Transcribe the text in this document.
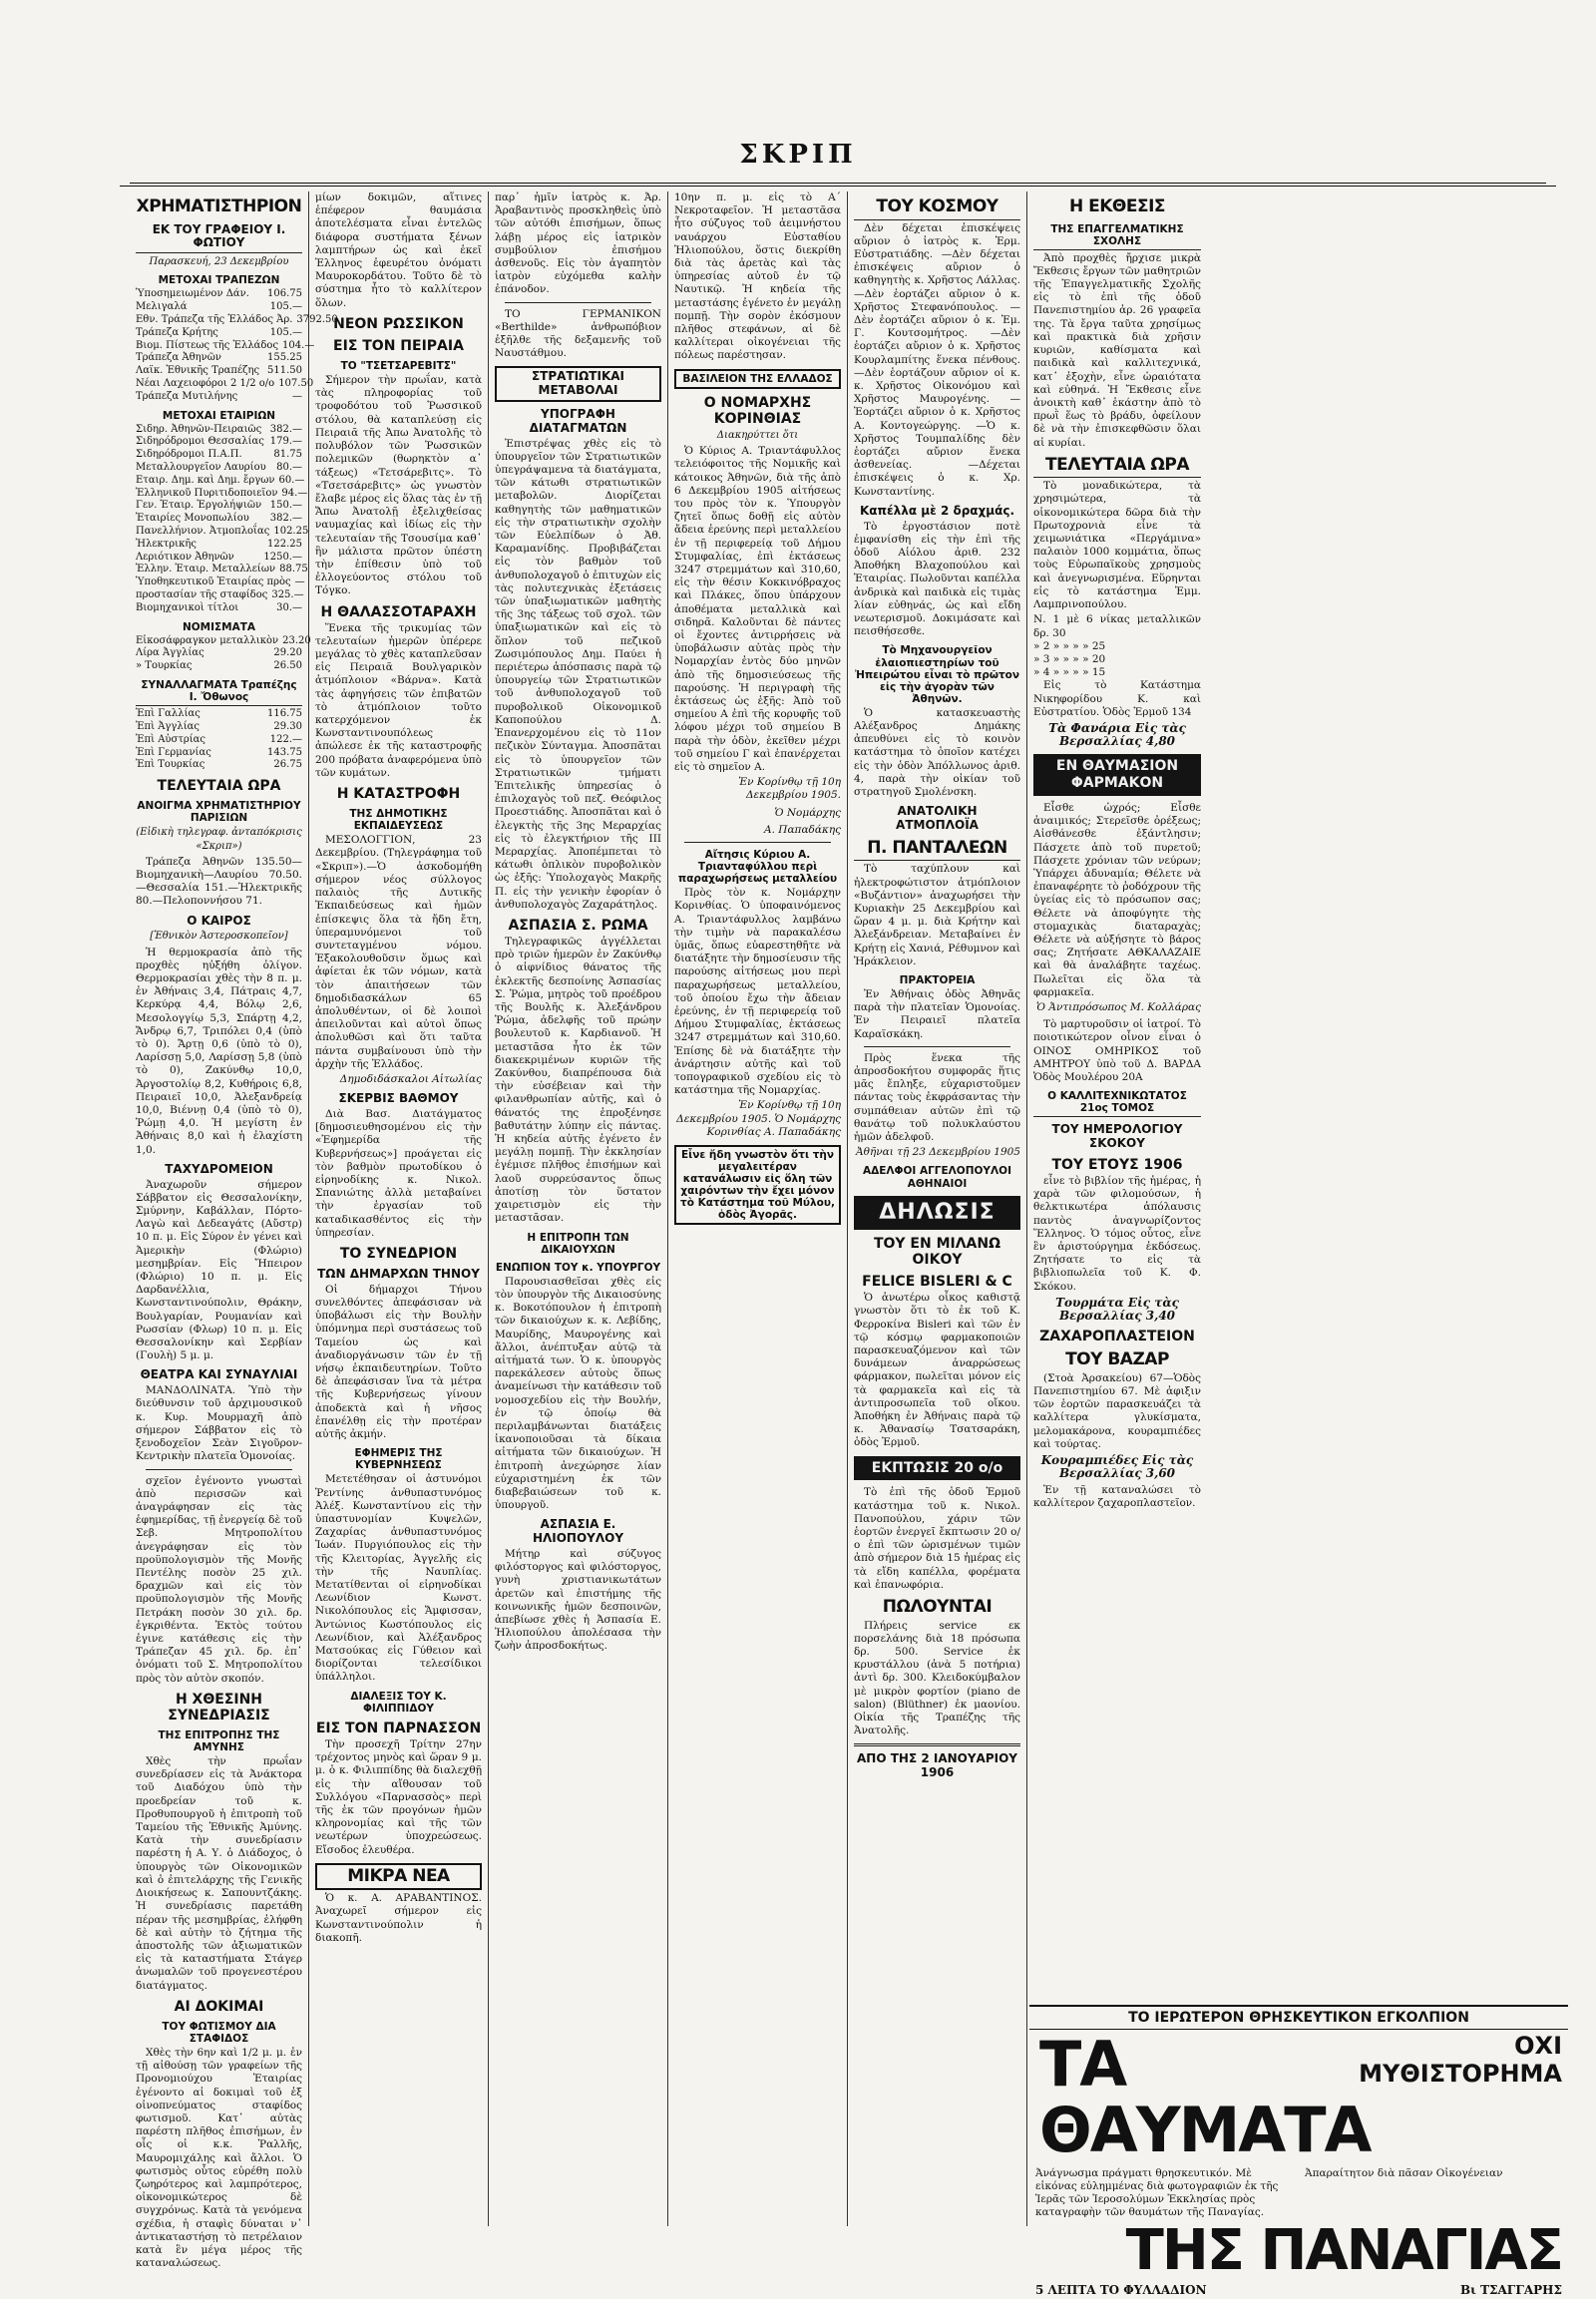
ΣΚΡΙΠ
ΧΡΗΜΑΤΙΣΤΗΡΙΟΝ
ΕΚ ΤΟΥ ΓΡΑΦΕΙΟΥ Ι. ΦΩΤΙΟΥ
Παρασκευή, 23 Δεκεμβρίου
ΜΕΤΟΧΑΙ ΤΡΑΠΕΖΩΝ
Ὑποσημειωμένον Δάν.	106.75
Μελιγαλά	105.—
Εθν. Τράπεζα τῆς Ἑλλάδος Ἀρ. 3792.50
Τράπεζα Κρήτης	105.—
Βιομ. Πίστεως τῆς Ἑλλάδος 104.—
Τράπεζα Ἀθηνῶν	155.25
Λαϊκ. Ἐθνικῆς Τραπέζης 511.50
Νέαι Λαχειοφόροι 2 1/2 ο/ο 107.50
Τράπεζα Μυτιλήνης	—
ΜΕΤΟΧΑΙ ΕΤΑΙΡΙΩΝ
Σιδηρ. Ἀθηνῶν-Πειραιῶς 382.—
Σιδηρόδρομοι Θεσσαλίας 179.—
Σιδηρόδρομοι Π.Α.Π.	81.75
Μεταλλουργεῖον Λαυρίου	80.—
Εταιρ. Δημ. καὶ Δημ. ἔργων 60.—
Ἑλληνικοῦ Πυριτιδοποιεῖον 94.—
Γεν. Ἑταιρ. Ἐργολήψιῶν 150.—
Ἑταιρίες Μονοπωλίου	382.—
Πανελλήνιον. Ἀτμοπλοΐας 102.25
Ἠλεκτρικῆς	122.25
Λεριότικον Ἀθηνῶν	1250.—
Ἑλλην. Ἑταιρ. Μεταλλείων 88.75
Ὑποθηκευτικοῦ Ἑταιρίας πρὸς —
προστασίαν τῆς σταφίδος 325.—
Βιομηχανικοὶ τίτλοι	30.—
ΝΟΜΙΣΜΑΤΑ
Εἰκοσάφραγκον μεταλλικὸν 23.20
Λίρα Ἀγγλίας	29.20
» Τουρκίας	26.50
ΣΥΝΑΛΛΑΓΜΑΤΑ Τραπέζης Ι. Ὄθωνος
Ἐπὶ Γαλλίας	116.75
Ἐπὶ Ἀγγλίας	29.30
Ἐπὶ Αὐστρίας	122.—
Ἐπὶ Γερμανίας	143.75
Ἐπὶ Τουρκίας	26.75
ΤΕΛΕΥΤΑΙΑ ΩΡΑ
ΑΝΟΙΓΜΑ ΧΡΗΜΑΤΙΣΤΗΡΙΟΥ ΠΑΡΙΣΙΩΝ
(Εἰδικὴ τηλεγραφ. ἀνταπόκρισις «Σκριπ»)

Τράπεζα Ἀθηνῶν 135.50—Βιομηχανικὴ—Λαυρίου 70.50.—Θεσσαλία 151.—Ἠλεκτρικῆς 80.—Πελοποννήσου 71.

Ο ΚΑΙΡΟΣ
[Ἐθνικὸν Ἀστεροσκοπεῖον]

Ἡ θερμοκρασία ἀπὸ τῆς προχθὲς ηὐξήθη ὀλίγον. Θερμοκρασίαι χθὲς τὴν 8 π. μ. ἐν Ἀθήναις 3,4, Πάτραις 4,7, Κερκύρᾳ 4,4, Βόλῳ 2,6, Μεσολογγίῳ 5,3, Σπάρτῃ 4,2, Ἄνδρῳ 6,7, Τριπόλει 0,4 (ὑπὸ τὸ 0). Ἄρτῃ 0,6 (ὑπὸ τὸ 0), Λαρίσσῃ 5,0, Λαρίσσῃ 5,8 (ὑπὸ τὸ 0), Ζακύνθῳ 10,0, Ἀργοστολίῳ 8,2, Κυθήροις 6,8, Πειραιεῖ 10,0, Ἀλεξανδρείᾳ 10,0, Βιέννῃ 0,4 (ὑπὸ τὸ 0), Ῥώμῃ 4,0. Ἡ μεγίστη ἐν Ἀθήναις 8,0 καὶ ἡ ἐλαχίστη 1,0.

ΤΑΧΥΔΡΟΜΕΙΟΝ

Ἀναχωροῦν σήμερον Σάββατον εἰς Θεσσαλονίκην, Σμύρνην, Καβάλλαν, Πόρτο-Λαγὼ καὶ Δεδεαγάτς (Αὔστρ) 10 π. μ. Εἰς Σύρον ἐν γένει καὶ Ἀμερικὴν (Φλώριο) μεσημβρίαν. Εἰς Ἤπειρον (Φλώριο) 10 π. μ. Εἰς Δαρδανέλλια, Κωνσταντινούπολιν, Θράκην, Βουλγαρίαν, Ρουμανίαν καὶ Ρωσσίαν (Φλωρ) 10 π. μ. Εἰς Θεσσαλονίκην καὶ Σερβίαν (Γουλὴ) 5 μ. μ.

ΘΕΑΤΡΑ ΚΑΙ ΣΥΝΑΥΛΙΑΙ

ΜΑΝΔΟΛΙΝΑΤΑ. Ὑπὸ τὴν διεύθυνσιν τοῦ ἀρχιμουσικοῦ κ. Κυρ. Μουρμαχῆ ἀπὸ σήμερον Σάββατον εἰς τὸ ξενοδοχεῖον Σεὰν Σιγοῦρον-Κεντρικὴν πλατεῖα Ὁμονοίας.

σχεῖον ἐγένοντο γνωσταὶ ἀπὸ περισσῶν καὶ ἀναγράφησαν εἰς τὰς ἐφημερίδας, τῇ ἐνεργείᾳ δὲ τοῦ Σεβ. Μητροπολίτου ἀνεγράφησαν εἰς τὸν προϋπολογισμὸν τῆς Μονῆς Πεντέλης ποσὸν 25 χιλ. δραχμῶν καὶ εἰς τὸν προϋπολογισμὸν τῆς Μονῆς Πετράκη ποσὸν 30 χιλ. δρ. ἐγκριθέντα. Ἐκτὸς τούτου ἐγινε κατάθεσις εἰς τὴν Τράπεζαν 45 χιλ. δρ. ἐπ᾿ ὀνόματι τοῦ Σ. Μητροπολίτου πρὸς τὸν αὐτὸν σκοπόν.

Η ΧΘΕΣΙΝΗ ΣΥΝΕΔΡΙΑΣΙΣ
ΤΗΣ ΕΠΙΤΡΟΠΗΣ ΤΗΣ ΑΜΥΝΗΣ

Χθὲς τὴν πρωΐαν συνεδρίασεν εἰς τὰ Ἀνάκτορα τοῦ Διαδόχου ὑπὸ τὴν προεδρείαν τοῦ κ. Προθυπουργοῦ ἡ ἐπιτροπὴ τοῦ Ταμείου τῆς Ἐθνικῆς Ἀμύνης. Κατὰ τὴν συνεδρίασιν παρέστη ἡ Α. Υ. ὁ Διάδοχος, ὁ ὑπουργὸς τῶν Οἰκονομικῶν καὶ ὁ ἐπιτελάρχης τῆς Γενικῆς Διοικήσεως κ. Σαπουντζάκης. Ἡ συνεδρίασις παρετάθη πέραν τῆς μεσημβρίας, ἐλήφθη δὲ καὶ αὐτὴν τὸ ζήτημα τῆς ἀποστολῆς τῶν ἀξιωματικῶν εἰς τὰ καταστήματα Στάγερ ἀνωμαλῶν τοῦ προγενεστέρου διατάγματος.

ΑΙ ΔΟΚΙΜΑΙ
ΤΟΥ ΦΩΤΙΣΜΟΥ ΔΙΑ ΣΤΑΦΙΔΟΣ

Χθὲς τὴν 6ην καὶ 1/2 μ. μ. ἐν τῇ αἰθούσῃ τῶν γραφείων τῆς Προνομιούχου Ἑταιρίας ἐγένοντο αἱ δοκιμαὶ τοῦ ἐξ οἰνοπνεύματος σταφίδος φωτισμοῦ. Κατ᾿ αὐτὰς παρέστη πλῆθος ἐπισήμων, ἐν οἷς οἱ κ.κ. Ῥαλλῆς, Μαυρομιχάλης καὶ ἄλλοι. Ὁ φωτισμὸς οὗτος εὐρέθη πολὺ ζωηρότερος καὶ λαμπρότερος, οἰκονομικώτερος δὲ συγχρόνως. Κατὰ τὰ γενόμενα σχέδια, ἡ σταφὶς δύναται ν᾿ ἀντικαταστήσῃ τὸ πετρέλαιον κατὰ ἓν μέγα μέρος τῆς καταναλώσεως.

μίων δοκιμῶν, αἵτινες ἐπέφερον θαυμάσια ἀποτελέσματα εἶναι ἐντελῶς διάφορα συστήματα ξένων λαμπτήρων ὡς καὶ ἐκεῖ Ἐλληνος ἐφευρέτου ὀνόματι Μαυροκορδάτου. Τοῦτο δὲ τὸ σύστημα ἦτο τὸ καλλίτερον ὅλων.

ΝΕΟΝ ΡΩΣΣΙΚΟΝ
ΕΙΣ ΤΟΝ ΠΕΙΡΑΙΑ
ΤΟ "ΤΣΕΤΣΑΡΕΒΙΤΣ"

Σήμερον τὴν πρωΐαν, κατὰ τὰς πληροφορίας τοῦ τροφοδότου τοῦ Ῥωσσικοῦ στόλου, θὰ καταπλεύσῃ εἰς Πειραιᾶ τῆς Ἀπω Ἀνατολῆς τὸ πολυβόλον τῶν Ῥωσσικῶν πολεμικῶν (θωρηκτὸν α᾿ τάξεως) «Τετσάρεβιτς». Τὸ «Τσετσάρεβιτς» ὡς γνωστὸν ἔλαβε μέρος εἰς ὅλας τὰς ἐν τῇ Ἄπω Ἀνατολῇ ἐξελιχθείσας ναυμαχίας καὶ ἰδίως εἰς τὴν τελευταίαν τῆς Τσουσίμα καθ᾿ ἣν μάλιστα πρῶτον ὑπέστη τὴν ἐπίθεσιν ὑπὸ τοῦ ἐλλογεύοντος στόλου τοῦ Τόγκο.

Η ΘΑΛΑΣΣΟΤΑΡΑΧΗ

Ἕνεκα τῆς τρικυμίας τῶν τελευταίων ἡμερῶν ὑπέρερε μεγάλας τὸ χθὲς καταπλεῦσαν εἰς Πειραιᾶ Βουλγαρικὸν ἀτμόπλοιον «Βάρνα». Κατὰ τὰς ἀφηγήσεις τῶν ἐπιβατῶν τὸ ἀτμόπλοιον τοῦτο κατερχόμενον ἐκ Κωνσταντινουπόλεως ἀπώλεσε ἐκ τῆς καταστροφῆς 200 πρόβατα ἀναφερόμενα ὑπὸ τῶν κυμάτων.

Η ΚΑΤΑΣΤΡΟΦΗ
ΤΗΣ ΔΗΜΟΤΙΚΗΣ ΕΚΠΑΙΔΕΥΣΕΩΣ

ΜΕΣΟΛΟΓΓΙΟΝ, 23 Δεκεμβρίου. (Τηλεγράφημα τοῦ «Σκριπ»).—Ὁ ἀσκοδομήθη σήμερον νέος σύλλογος παλαιὸς τῆς Δυτικῆς Ἐκπαιδεύσεως καὶ ἡμῶν ἐπίσκεψις ὅλα τὰ ἤδη ἔτη, ὑπεραμυνόμενοι τοῦ συντεταγμένου νόμου. Ἐξακολουθοῦσιν ὅμως καὶ ἀφίεται ἐκ τῶν νόμων, κατὰ τὸν ἀπαιτήσεων τῶν δημοδιδασκάλων 65 ἀπολυθέντων, οἱ δὲ λοιποὶ ἀπειλοῦνται καὶ αὐτοὶ ὅπως ἀπολυθῶσι καὶ ὅτι ταῦτα πάντα συμβαίνουσι ὑπὸ τὴν ἀρχὴν τῆς Ἑλλάδος.

Δημοδιδάσκαλοι Αἰτωλίας
ΣΚΕΡΒΙΣ ΒΑΘΜΟΥ

Διὰ Βασ. Διατάγματος [δημοσιευθησομένου εἰς τὴν «Ἐφημερίδα τῆς Κυβερνήσεως»] προάγεται εἰς τὸν βαθμὸν πρωτοδίκου ὁ εἰρηνοδίκης κ. Νικολ. Σπανιώτης ἀλλὰ μεταβαίνει τὴν ἐργασίαν τοῦ καταδικασθέντος εἰς τὴν ὑπηρεσίαν.

ΤΟ ΣΥΝΕΔΡΙΟΝ
ΤΩΝ ΔΗΜΑΡΧΩΝ ΤΗΝΟΥ

Οἱ δήμαρχοι Τήνου συνελθόντες ἀπεφάσισαν νὰ ὑποβάλωσι εἰς τὴν Βουλὴν ὑπόμνημα περὶ συστάσεως τοῦ Ταμείου ὡς καὶ ἀναδιοργάνωσιν τῶν ἐν τῇ νήσῳ ἐκπαιδευτηρίων. Τοῦτο δὲ ἀπεφάσισαν ἵνα τὰ μέτρα τῆς Κυβερνήσεως γίνουν ἀποδεκτὰ καὶ ἡ νῆσος ἐπανέλθῃ εἰς τὴν προτέραν αὐτῆς ἀκμήν.

ΕΦΗΜΕΡΙΣ ΤΗΣ ΚΥΒΕΡΝΗΣΕΩΣ

Μετετέθησαν οἱ ἀστυνόμοι Ῥεντίνης ἀνθυπαστυνόμος Ἀλέξ. Κωνσταντίνου εἰς τὴν ὑπαστυνομίαν Κυψελῶν, Ζαχαρίας ἀνθυπαστυνόμος Ἰωάν. Πυργιόπουλος εἰς τὴν τῆς Κλειτορίας, Ἀγγελῆς εἰς τὴν τῆς Ναυπλίας. Μετατίθενται οἱ εἰρηνοδίκαι Λεωνίδιον Κωνστ. Νικολόπουλος εἰς Ἄμφισσαν, Ἀντώνιος Κωστόπουλος εἰς Λεωνίδιον, καὶ Ἀλέξανδρος Ματσούκας εἰς Γύθειον καὶ διορίζονται τελεσίδικοι ὑπάλληλοι.

ΔΙΑΛΕΞΙΣ ΤΟΥ Κ. ΦΙΛΙΠΠΙΔΟΥ
ΕΙΣ ΤΟΝ ΠΑΡΝΑΣΣΟΝ

Τὴν προσεχῆ Τρίτην 27ην τρέχοντος μηνὸς καὶ ὥραν 9 μ. μ. ὁ κ. Φιλιππίδης θὰ διαλεχθῇ εἰς τὴν αἴθουσαν τοῦ Συλλόγου «Παρνασσὸς» περὶ τῆς ἐκ τῶν προγόνων ἡμῶν κληρονομίας καὶ τῆς τῶν νεωτέρων ὑποχρεώσεως. Εἴσοδος ἐλευθέρα.

ΜΙΚΡΑ ΝΕΑ

Ὁ κ. Α. ΑΡΑΒΑΝΤΙΝΟΣ. Ἀναχωρεῖ σήμερον εἰς Κωνσταντινούπολιν ἡ διακοπῆ.

παρ᾿ ἡμῖν ἰατρὸς κ. Ἀρ. Ἀραβαντινὸς προσκληθεὶς ὑπὸ τῶν αὐτόθι ἐπισήμων, ὅπως λάβῃ μέρος εἰς ἰατρικὸν συμβούλιον ἐπισήμου ἀσθενοῦς. Εἰς τὸν ἀγαπητὸν ἰατρὸν εὐχόμεθα καλὴν ἐπάνοδον.

ΤΟ ΓΕΡΜΑΝΙΚΟΝ «Berthilde» ἀνθρωπόβιον ἐξῆλθε τῆς δεξαμενῆς τοῦ Ναυστάθμου.

ΣΤΡΑΤΙΩΤΙΚΑΙ ΜΕΤΑΒΟΛΑΙ
ΥΠΟΓΡΑΦΗ ΔΙΑΤΑΓΜΑΤΩΝ

Ἐπιστρέψας χθὲς εἰς τὸ ὑπουργεῖον τῶν Στρατιωτικῶν ὑπεγράψαμενα τὰ διατάγματα, τῶν κάτωθι στρατιωτικῶν μεταβολῶν. Διορίζεται καθηγητὴς τῶν μαθηματικῶν εἰς τὴν στρατιωτικὴν σχολὴν τῶν Εὐελπίδων ὁ Ἀθ. Καραμανίδης. Προβιβάζεται εἰς τὸν βαθμὸν τοῦ ἀνθυπολοχαγοῦ ὁ ἐπιτυχὼν εἰς τὰς πολυτεχνικὰς ἐξετάσεις τῶν ὑπαξιωματικῶν μαθητὴς τῆς 3ης τάξεως τοῦ σχολ. τῶν ὑπαξιωματικῶν καὶ εἰς τὸ ὅπλον τοῦ πεζικοῦ Ζωσιμόπουλος Δημ. Παύει ἡ περιέτερω ἀπόσπασις παρὰ τῷ ὑπουργείῳ τῶν Στρατιωτικῶν τοῦ ἀνθυπολοχαγοῦ τοῦ πυροβολικοῦ Οἰκονομικοῦ Καποπούλου Δ. Ἐπανερχομένου εἰς τὸ 11ον πεζικὸν Σύνταγμα. Ἀποσπᾶται εἰς τὸ ὑπουργεῖον τῶν Στρατιωτικῶν τμήματι Ἐπιτελικῆς ὑπηρεσίας ὁ ἐπιλοχαγὸς τοῦ πεζ. Θεόφιλος Προεστιάδης. Ἀποσπᾶται καὶ ὁ ἐλεγκτὴς τῆς 3ης Μεραρχίας εἰς τὸ ἐλεγκτήριον τῆς ΙΙΙ Μεραρχίας. Ἀποπέμπεται τὸ κάτωθι ὁπλικὸν πυροβολικὸν ὡς ἑξῆς: Ὑπολοχαγὸς Μακρῆς Π. εἰς τὴν γενικὴν ἐφορίαν ὁ ἀνθυπολοχαγὸς Ζαχαράτηλος.

ΑΣΠΑΣΙΑ Σ. ΡΩΜΑ

Τηλεγραφικῶς ἀγγέλλεται πρὸ τριῶν ἡμερῶν ἐν Ζακύνθῳ ὁ αἰφνίδιος θάνατος τῆς ἐκλεκτῆς δεσποίνης Ἀσπασίας Σ. Ῥώμα, μητρὸς τοῦ προέδρου τῆς Βουλῆς κ. Ἀλεξάνδρου Ῥώμα, ἀδελφῆς τοῦ πρώην βουλευτοῦ κ. Καρδιανοῦ. Ἡ μεταστᾶσα ἦτο ἐκ τῶν διακεκριμένων κυριῶν τῆς Ζακύνθου, διαπρέπουσα διὰ τὴν εὐσέβειαν καὶ τὴν φιλανθρωπίαν αὐτῆς, καὶ ὁ θάνατός της ἐπροξένησε βαθυτάτην λύπην εἰς πάντας. Ἡ κηδεία αὐτῆς ἐγένετο ἐν μεγάλῃ πομπῇ. Τὴν ἐκκλησίαν ἐγέμισε πλῆθος ἐπισήμων καὶ λαοῦ συρρεύσαντος ὅπως ἀποτίσῃ τὸν ὕστατον χαιρετισμὸν εἰς τὴν μεταστᾶσαν.

Η ΕΠΙΤΡΟΠΗ ΤΩΝ ΔΙΚΑΙΟΥΧΩΝ
ΕΝΩΠΙΟΝ ΤΟΥ κ. ΥΠΟΥΡΓΟΥ

Παρουσιασθεῖσαι χθὲς εἰς τὸν ὑπουργὸν τῆς Δικαιοσύνης κ. Βοκοτόπουλον ἡ ἐπιτροπὴ τῶν δικαιούχων κ. κ. Λεβίδης, Μαυρίδης, Μαυρογένης καὶ ἄλλοι, ἀνέπτυξαν αὐτῷ τὰ αἰτήματά των. Ὁ κ. ὑπουργὸς παρεκάλεσεν αὐτοὺς ὅπως ἀναμείνωσι τὴν κατάθεσιν τοῦ νομοσχεδίου εἰς τὴν Βουλήν, ἐν τῷ ὁποίῳ θὰ περιλαμβάνωνται διατάξεις ἱκανοποιοῦσαι τὰ δίκαια αἰτήματα τῶν δικαιούχων. Ἡ ἐπιτροπὴ ἀνεχώρησε λίαν εὐχαριστημένη ἐκ τῶν διαβεβαιώσεων τοῦ κ. ὑπουργοῦ.

ΑΣΠΑΣΙΑ Ε. ΗΛΙΟΠΟΥΛΟΥ

Μήτηρ καὶ σύζυγος φιλόστοργος καὶ φιλόστοργος, γυνὴ χριστιανικωτάτων ἀρετῶν καὶ ἐπιστήμης τῆς κοινωνικῆς ἡμῶν δεσποινῶν, ἀπεβίωσε χθὲς ἡ Ἀσπασία Ε. Ἠλιοπούλου ἀπολέσασα τὴν ζωὴν ἀπροσδοκήτως.

10ην π. μ. εἰς τὸ Α΄ Νεκροταφεῖον. Ἡ μεταστᾶσα ἦτο σύζυγος τοῦ ἀειμνήστου ναυάρχου Εὐσταθίου Ἠλιοπούλου, ὅστις διεκρίθη διὰ τὰς ἀρετὰς καὶ τὰς ὑπηρεσίας αὐτοῦ ἐν τῷ Ναυτικῷ. Ἡ κηδεία τῆς μεταστάσης ἐγένετο ἐν μεγάλῃ πομπῇ. Τὴν σορὸν ἐκόσμουν πλῆθος στεφάνων, αἱ δὲ καλλίτεραι οἰκογένειαι τῆς πόλεως παρέστησαν.

ΒΑΣΙΛΕΙΟΝ ΤΗΣ ΕΛΛΑΔΟΣ
Ο ΝΟΜΑΡΧΗΣ ΚΟΡΙΝΘΙΑΣ
Διακηρύττει ὅτι

Ὁ Κύριος Α. Τριαντάφυλλος τελειόφοιτος τῆς Νομικῆς καὶ κάτοικος Ἀθηνῶν, διὰ τῆς ἀπὸ 6 Δεκεμβρίου 1905 αἰτήσεως του πρὸς τὸν κ. Ὑπουργὸν ζητεῖ ὅπως δοθῇ εἰς αὐτὸν ἄδεια ἐρεύνης περὶ μεταλλείου ἐν τῇ περιφερείᾳ τοῦ Δήμου Στυμφαλίας, ἐπὶ ἐκτάσεως 3247 στρεμμάτων καὶ 310,60, εἰς τὴν θέσιν Κοκκινόβραχος καὶ Πλάκες, ὅπου ὑπάρχουν ἀποθέματα μεταλλικὰ καὶ σιδηρᾶ. Καλοῦνται δὲ πάντες οἱ ἔχοντες ἀντιρρήσεις νὰ ὑποβάλωσιν αὐτὰς πρὸς τὴν Νομαρχίαν ἐντὸς δύο μηνῶν ἀπὸ τῆς δημοσιεύσεως τῆς παρούσης. Ἡ περιγραφὴ τῆς ἐκτάσεως ὡς ἑξῆς: Ἀπὸ τοῦ σημείου Α ἐπὶ τῆς κορυφῆς τοῦ λόφου μέχρι τοῦ σημείου Β παρὰ τὴν ὁδὸν, ἐκεῖθεν μέχρι τοῦ σημείου Γ καὶ ἐπανέρχεται εἰς τὸ σημεῖον Α.

Ἐν Κορίνθῳ τῇ 10η Δεκεμβρίου 1905.
Ὁ Νομάρχης
Α. Παπαδάκης
Αἴτησις Κύριου Α. Τριανταφύλλου περὶ παραχωρήσεως μεταλλείου

Πρὸς τὸν κ. Νομάρχην Κορινθίας. Ὁ ὑποφαινόμενος Α. Τριαντάφυλλος λαμβάνω τὴν τιμὴν νὰ παρακαλέσω ὑμᾶς, ὅπως εὐαρεστηθῆτε νὰ διατάξητε τὴν δημοσίευσιν τῆς παρούσης αἰτήσεως μου περὶ παραχωρήσεως μεταλλείου, τοῦ ὁποίου ἔχω τὴν ἄδειαν ἐρεύνης, ἐν τῇ περιφερείᾳ τοῦ Δήμου Στυμφαλίας, ἐκτάσεως 3247 στρεμμάτων καὶ 310,60. Ἐπίσης δὲ νὰ διατάξητε τὴν ἀνάρτησιν αὐτῆς καὶ τοῦ τοπογραφικοῦ σχεδίου εἰς τὸ κατάστημα τῆς Νομαρχίας.

Ἐν Κορίνθῳ τῇ 10η Δεκεμβρίου 1905. Ὁ Νομάρχης Κορινθίας Α. Παπαδάκης
Εἶνε ἤδη γνωστὸν ὅτι τὴν μεγαλειτέραν κατανάλωσιν εἰς ὅλη τῶν χαιρόντων τὴν ἔχει μόνον τὸ Κατάστημα τοῦ Μύλου, ὁδὸς Ἀγορᾶς.
ΤΟΥ ΚΟΣΜΟΥ

Δὲν δέχεται ἐπισκέψεις αὔριον ὁ ἰατρὸς κ. Ἑρμ. Εὐστρατιάδης. —Δὲν δέχεται ἐπισκέψεις αὔριον ὁ καθηγητὴς κ. Χρῆστος Λάλλας. —Δὲν ἑορτάζει αὔριον ὁ κ. Χρῆστος Στεφανόπουλος. —Δὲν ἑορτάζει αὔριον ὁ κ. Ἐμ. Γ. Κουτσομήτρος. —Δὲν ἑορτάζει αὔριον ὁ κ. Χρῆστος Κουρλαμπίτης ἕνεκα πένθους. —Δὲν ἑορτάζουν αὔριον οἱ κ. κ. Χρῆστος Οἰκονόμου καὶ Χρῆστος Μαυρογένης. —Ἑορτάζει αὔριον ὁ κ. Χρῆστος Α. Κοντογεώργης. —Ὁ κ. Χρῆστος Τουμπαλίδης δὲν ἑορτάζει αὔριον ἕνεκα ἀσθενείας. —Δέχεται ἐπισκέψεις ὁ κ. Χρ. Κωνσταντίνης.

Καπέλλα μὲ 2 δραχμάς.

Τὸ ἐργοστάσιον ποτὲ ἐμφανίσθη εἰς τὴν ἐπὶ τῆς ὁδοῦ Αἰόλου ἀριθ. 232 Ἀποθήκη Βλαχοπούλου καὶ Ἑταιρίας. Πωλοῦνται καπέλλα ἀνδρικὰ καὶ παιδικὰ εἰς τιμὰς λίαν εὐθηνάς, ὡς καὶ εἴδη νεωτερισμοῦ. Δοκιμάσατε καὶ πεισθήσεσθε.

Τὸ Μηχανουργεῖον ἐλαιοπιεστηρίων τοῦ Ἠπειρώτου εἶναι τὸ πρῶτον εἰς τὴν ἀγορὰν τῶν Ἀθηνῶν.

Ὁ κατασκευαστὴς Αλέξανδρος Δημάκης ἀπευθύνει εἰς τὸ κοινὸν κατάστημα τὸ ὁποῖον κατέχει εἰς τὴν ὁδὸν Ἀπόλλωνος ἀριθ. 4, παρὰ τὴν οἰκίαν τοῦ στρατηγοῦ Σμολένσκη.

ΑΝΑΤΟΛΙΚΗ ΑΤΜΟΠΛΟΪΑ
Π. ΠΑΝΤΑΛΕΩΝ

Τὸ ταχύπλουν καὶ ἠλεκτροφώτιστον ἀτμόπλοιον «Βυζάντιον» ἀναχωρήσει τὴν Κυριακὴν 25 Δεκεμβρίου καὶ ὥραν 4 μ. μ. διὰ Κρήτην καὶ Ἀλεξάνδρειαν. Μεταβαίνει ἐν Κρήτῃ εἰς Χανιά, Ρέθυμνον καὶ Ἡράκλειον.

ΠΡΑΚΤΟΡΕΙΑ

Ἐν Ἀθήναις ὁδὸς Ἀθηνᾶς παρὰ τὴν πλατεῖαν Ὁμονοίας. Ἐν Πειραιεῖ πλατεῖα Καραϊσκάκη.

Πρὸς ἕνεκα τῆς ἀπροσδοκήτου συμφορᾶς ἥτις μᾶς ἔπληξε, εὐχαριστοῦμεν πάντας τοὺς ἐκφράσαντας τὴν συμπάθειαν αὐτῶν ἐπὶ τῷ θανάτῳ τοῦ πολυκλαύστου ἡμῶν ἀδελφοῦ.

Ἀθῆναι τῇ 23 Δεκεμβρίου 1905
ΑΔΕΛΦΟΙ ΑΓΓΕΛΟΠΟΥΛΟΙ ΑΘΗΝΑΙΟΙ
ΔΗΛΩΣΙΣ
ΤΟΥ ΕΝ ΜΙΛΑΝΩ ΟΙΚΟΥ
FELICE BISLERI & C

Ὁ ἀνωτέρω οἶκος καθιστᾷ γνωστὸν ὅτι τὸ ἐκ τοῦ Κ. Φερροκίνα Bisleri καὶ τῶν ἐν τῷ κόσμῳ φαρμακοποιῶν παρασκευαζόμενον καὶ τῶν δυνάμεων ἀναρρώσεως φάρμακον, πωλεῖται μόνον εἰς τὰ φαρμακεῖα καὶ εἰς τὰ ἀντιπροσωπεῖα τοῦ οἴκου. Ἀποθήκη ἐν Ἀθήναις παρὰ τῷ κ. Ἀθανασίῳ Τσατσαράκη, ὁδὸς Ἑρμοῦ.

ΕΚΠΤΩΣΙΣ 20 ο/ο

Τὸ ἐπὶ τῆς ὁδοῦ Ἑρμοῦ κατάστημα τοῦ κ. Νικολ. Πανοπούλου, χάριν τῶν ἑορτῶν ἐνεργεῖ ἔκπτωσιν 20 ο/ο ἐπὶ τῶν ὡρισμένων τιμῶν ἀπὸ σήμερον διὰ 15 ἡμέρας εἰς τὰ εἴδη καπέλλα, φορέματα καὶ ἐπανωφόρια.

ΠΩΛΟΥΝΤΑΙ

Πλήρεις service εκ πορσελάνης διὰ 18 πρόσωπα δρ. 500. Service ἐκ κρυστάλλου (ἀνὰ 5 ποτήρια) ἀντὶ δρ. 300. Κλειδοκύμβαλον μὲ μικρὸν φορτίον (piano de salon) (Blüthner) ἐκ μαονίου. Οἰκία τῆς Τραπέζης τῆς Ἀνατολῆς.

ΑΠΟ ΤΗΣ 2 ΙΑΝΟΥΑΡΙΟΥ 1906
Η ΕΚΘΕΣΙΣ
ΤΗΣ ΕΠΑΓΓΕΛΜΑΤΙΚΗΣ ΣΧΟΛΗΣ

Ἀπὸ προχθὲς ἤρχισε μικρὰ Ἔκθεσις ἔργων τῶν μαθητριῶν τῆς Ἐπαγγελματικῆς Σχολῆς εἰς τὸ ἐπὶ τῆς ὁδοῦ Πανεπιστημίου ἀρ. 26 γραφεῖα της. Τὰ ἔργα ταῦτα χρησίμως καὶ πρακτικὰ διὰ χρῆσιν κυριῶν, καθίσματα καὶ παιδικὰ καὶ καλλιτεχνικά, κατ᾿ ἐξοχὴν, εἶνε ὡραιότατα καὶ εὐθηνά. Ἡ Ἔκθεσις εἶνε ἀνοικτὴ καθ᾿ ἑκάστην ἀπὸ τὸ πρωῒ ἕως τὸ βράδυ, ὀφείλουν δὲ νὰ τὴν ἐπισκεφθῶσιν ὅλαι αἱ κυρίαι.

ΤΕΛΕΥΤΑΙΑ ΩΡΑ

Τὸ μοναδικώτερα, τὰ χρησιμώτερα, τὰ οἰκονομικώτερα δῶρα διὰ τὴν Πρωτοχρονιὰ εἶνε τὰ χειμωνιάτικα «Περγάμινα» παλαιὸν 1000 κομμάτια, ὅπως τοὺς Εὐρωπαϊκοὺς χρησμοὺς καὶ ἀνεγνωρισμένα. Εὕρηνται εἰς τὸ κατάστημα Ἐμμ. Λαμπρινοπούλου.

Ν. 1 μὲ 6 νίκας μεταλλικῶν δρ. 30
» 2 » » » » 25
» 3 » » » » 20
» 4 » » » » 15

Εἰς τὸ Κατάστημα Νικηφορίδου Κ. καὶ Εὐστρατίου. Ὁδὸς Ἑρμοῦ 134

Τὰ Φανάρια Εἰς τὰς Βερσαλλίας 4,80
ΕΝ ΘΑΥΜΑΣΙΟΝ ΦΑΡΜΑΚΟΝ

Εἶσθε ὠχρός; Εἶσθε ἀναιμικός; Στερεῖσθε ὀρέξεως; Αἰσθάνεσθε ἐξάντλησιν; Πάσχετε ἀπὸ τοῦ πυρετοῦ; Πάσχετε χρόνιαν τῶν νεύρων; Ὑπάρχει ἀδυναμία; Θέλετε νὰ ἐπαναφέρητε τὸ ῥοδόχρουν τῆς ὑγείας εἰς τὸ πρόσωπον σας; Θέλετε νὰ ἀποφύγητε τὴς στομαχικὰς διαταραχὰς; Θέλετε νὰ αὐξήσητε τὸ βάρος σας; Ζητήσατε ΑΘΚΑΛΑΖΑΙΕ καὶ θὰ ἀναλάβητε ταχέως. Πωλεῖται εἰς ὅλα τὰ φαρμακεῖα.

Ὁ Ἀντιπρόσωπος Μ. Κολλάρας

Τὸ μαρτυροῦσιν οἱ ἰατροί. Τὸ ποιοτικώτερον οἶνον εἶναι ὁ ΟΙΝΟΣ ΟΜΗΡΙΚΟΣ τοῦ ΑΜΗΤΡΟΥ ὑπὸ τοῦ Δ. ΒΑΡΔΑ Ὁδὸς Μουλέρου 20Α

Ο ΚΑΛΛΙΤΕΧΝΙΚΩΤΑΤΟΣ 21ος ΤΟΜΟΣ
ΤΟΥ ΗΜΕΡΟΛΟΓΙΟΥ ΣΚΟΚΟΥ
ΤΟΥ ΕΤΟΥΣ 1906

εἶνε τὸ βιβλίον τῆς ἡμέρας, ἡ χαρὰ τῶν φιλομούσων, ἡ θελκτικωτέρα ἀπόλαυσις παντὸς ἀναγνωρίζοντος Ἕλληνος. Ὁ τόμος οὗτος, εἶνε ἓν ἀριστούργημα ἐκδόσεως. Ζητήσατε το εἰς τὰ βιβλιοπωλεῖα τοῦ Κ. Φ. Σκόκου.

Τουρμάτα Εἰς τὰς Βερσαλλίας 3,40
ΖΑΧΑΡΟΠΛΑΣΤΕΙΟΝ
ΤΟΥ ΒΑΖΑΡ

(Στοὰ Ἀρσακείου) 67—Ὁδὸς Πανεπιστημίου 67. Μὲ ἀφιξιν τῶν ἑορτῶν παρασκευάζει τὰ καλλίτερα γλυκίσματα, μελομακάρονα, κουραμπιέδες καὶ τούρτας.

Κουραμπιέδες Εἰς τὰς Βερσαλλίας 3,60

Ἐν τῇ καταναλώσει τὸ καλλίτερον ζαχαροπλαστεῖον.

ΤΟ ΙΕΡΩΤΕΡΟΝ ΘΡΗΣΚΕΥΤΙΚΟΝ ΕΓΚΟΛΠΙΟΝ
ΤΑ ΘΑΥΜΑΤΑ
ΟΧΙ ΜΥΘΙΣΤΟΡΗΜΑ
Ἀνάγνωσμα πράγματι θρησκευτικόν. Μὲ εἰκόνας εὐλημμένας διὰ φωτογραφιῶν ἐκ τῆς Ἱερᾶς τῶν Ἱεροσολύμων Ἐκκλησίας πρὸς καταγραφὴν τῶν θαυμάτων τῆς Παναγίας.
Ἀπαραίτητον διὰ πᾶσαν Οἰκογένειαν
ΤΗΣ ΠΑΝΑΓΙΑΣ
5 ΛΕΠΤΑ ΤΟ ΦΥΛΛΑΔΙΟΝ	Βι ΤΣΑΓΓΑΡΗΣ
